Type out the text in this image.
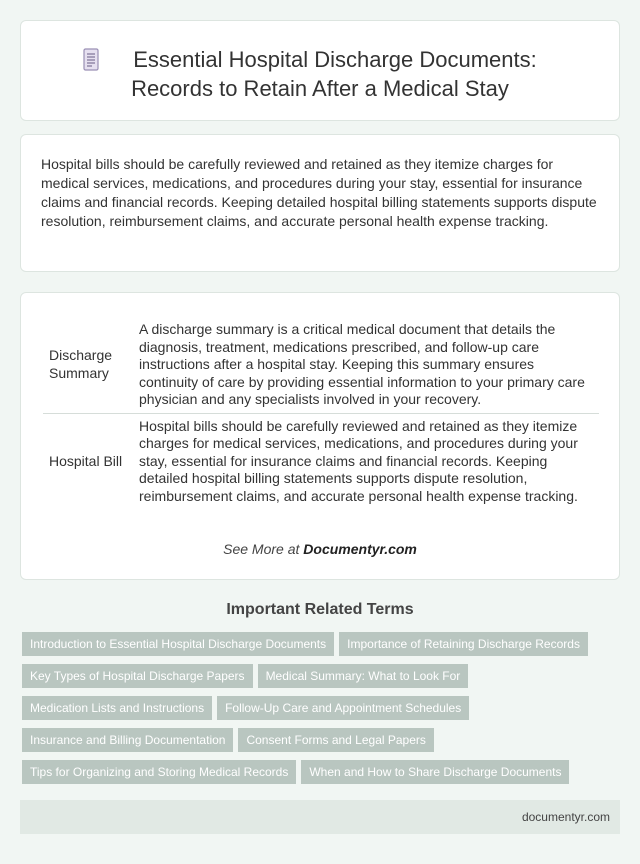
Essential Hospital Discharge Documents:
Records to Retain After a Medical Stay

Hospital bills should be carefully reviewed and retained as they itemize charges for medical services, medications, and procedures during your stay, essential for insurance claims and financial records. Keeping detailed hospital billing statements supports dispute resolution, reimbursement claims, and accurate personal health expense tracking.

Discharge Summary	A discharge summary is a critical medical document that details the diagnosis, treatment, medications prescribed, and follow-up care instructions after a hospital stay. Keeping this summary ensures continuity of care by providing essential information to your primary care physician and any specialists involved in your recovery.
Hospital Bill	Hospital bills should be carefully reviewed and retained as they itemize charges for medical services, medications, and procedures during your stay, essential for insurance claims and financial records. Keeping detailed hospital billing statements supports dispute resolution, reimbursement claims, and accurate personal health expense tracking.
See More at Documentyr.com
Important Related Terms
Introduction to Essential Hospital Discharge Documents Importance of Retaining Discharge Records
Key Types of Hospital Discharge Papers Medical Summary: What to Look For
Medication Lists and Instructions Follow-Up Care and Appointment Schedules
Insurance and Billing Documentation Consent Forms and Legal Papers
Tips for Organizing and Storing Medical Records When and How to Share Discharge Documents
documentyr.com
